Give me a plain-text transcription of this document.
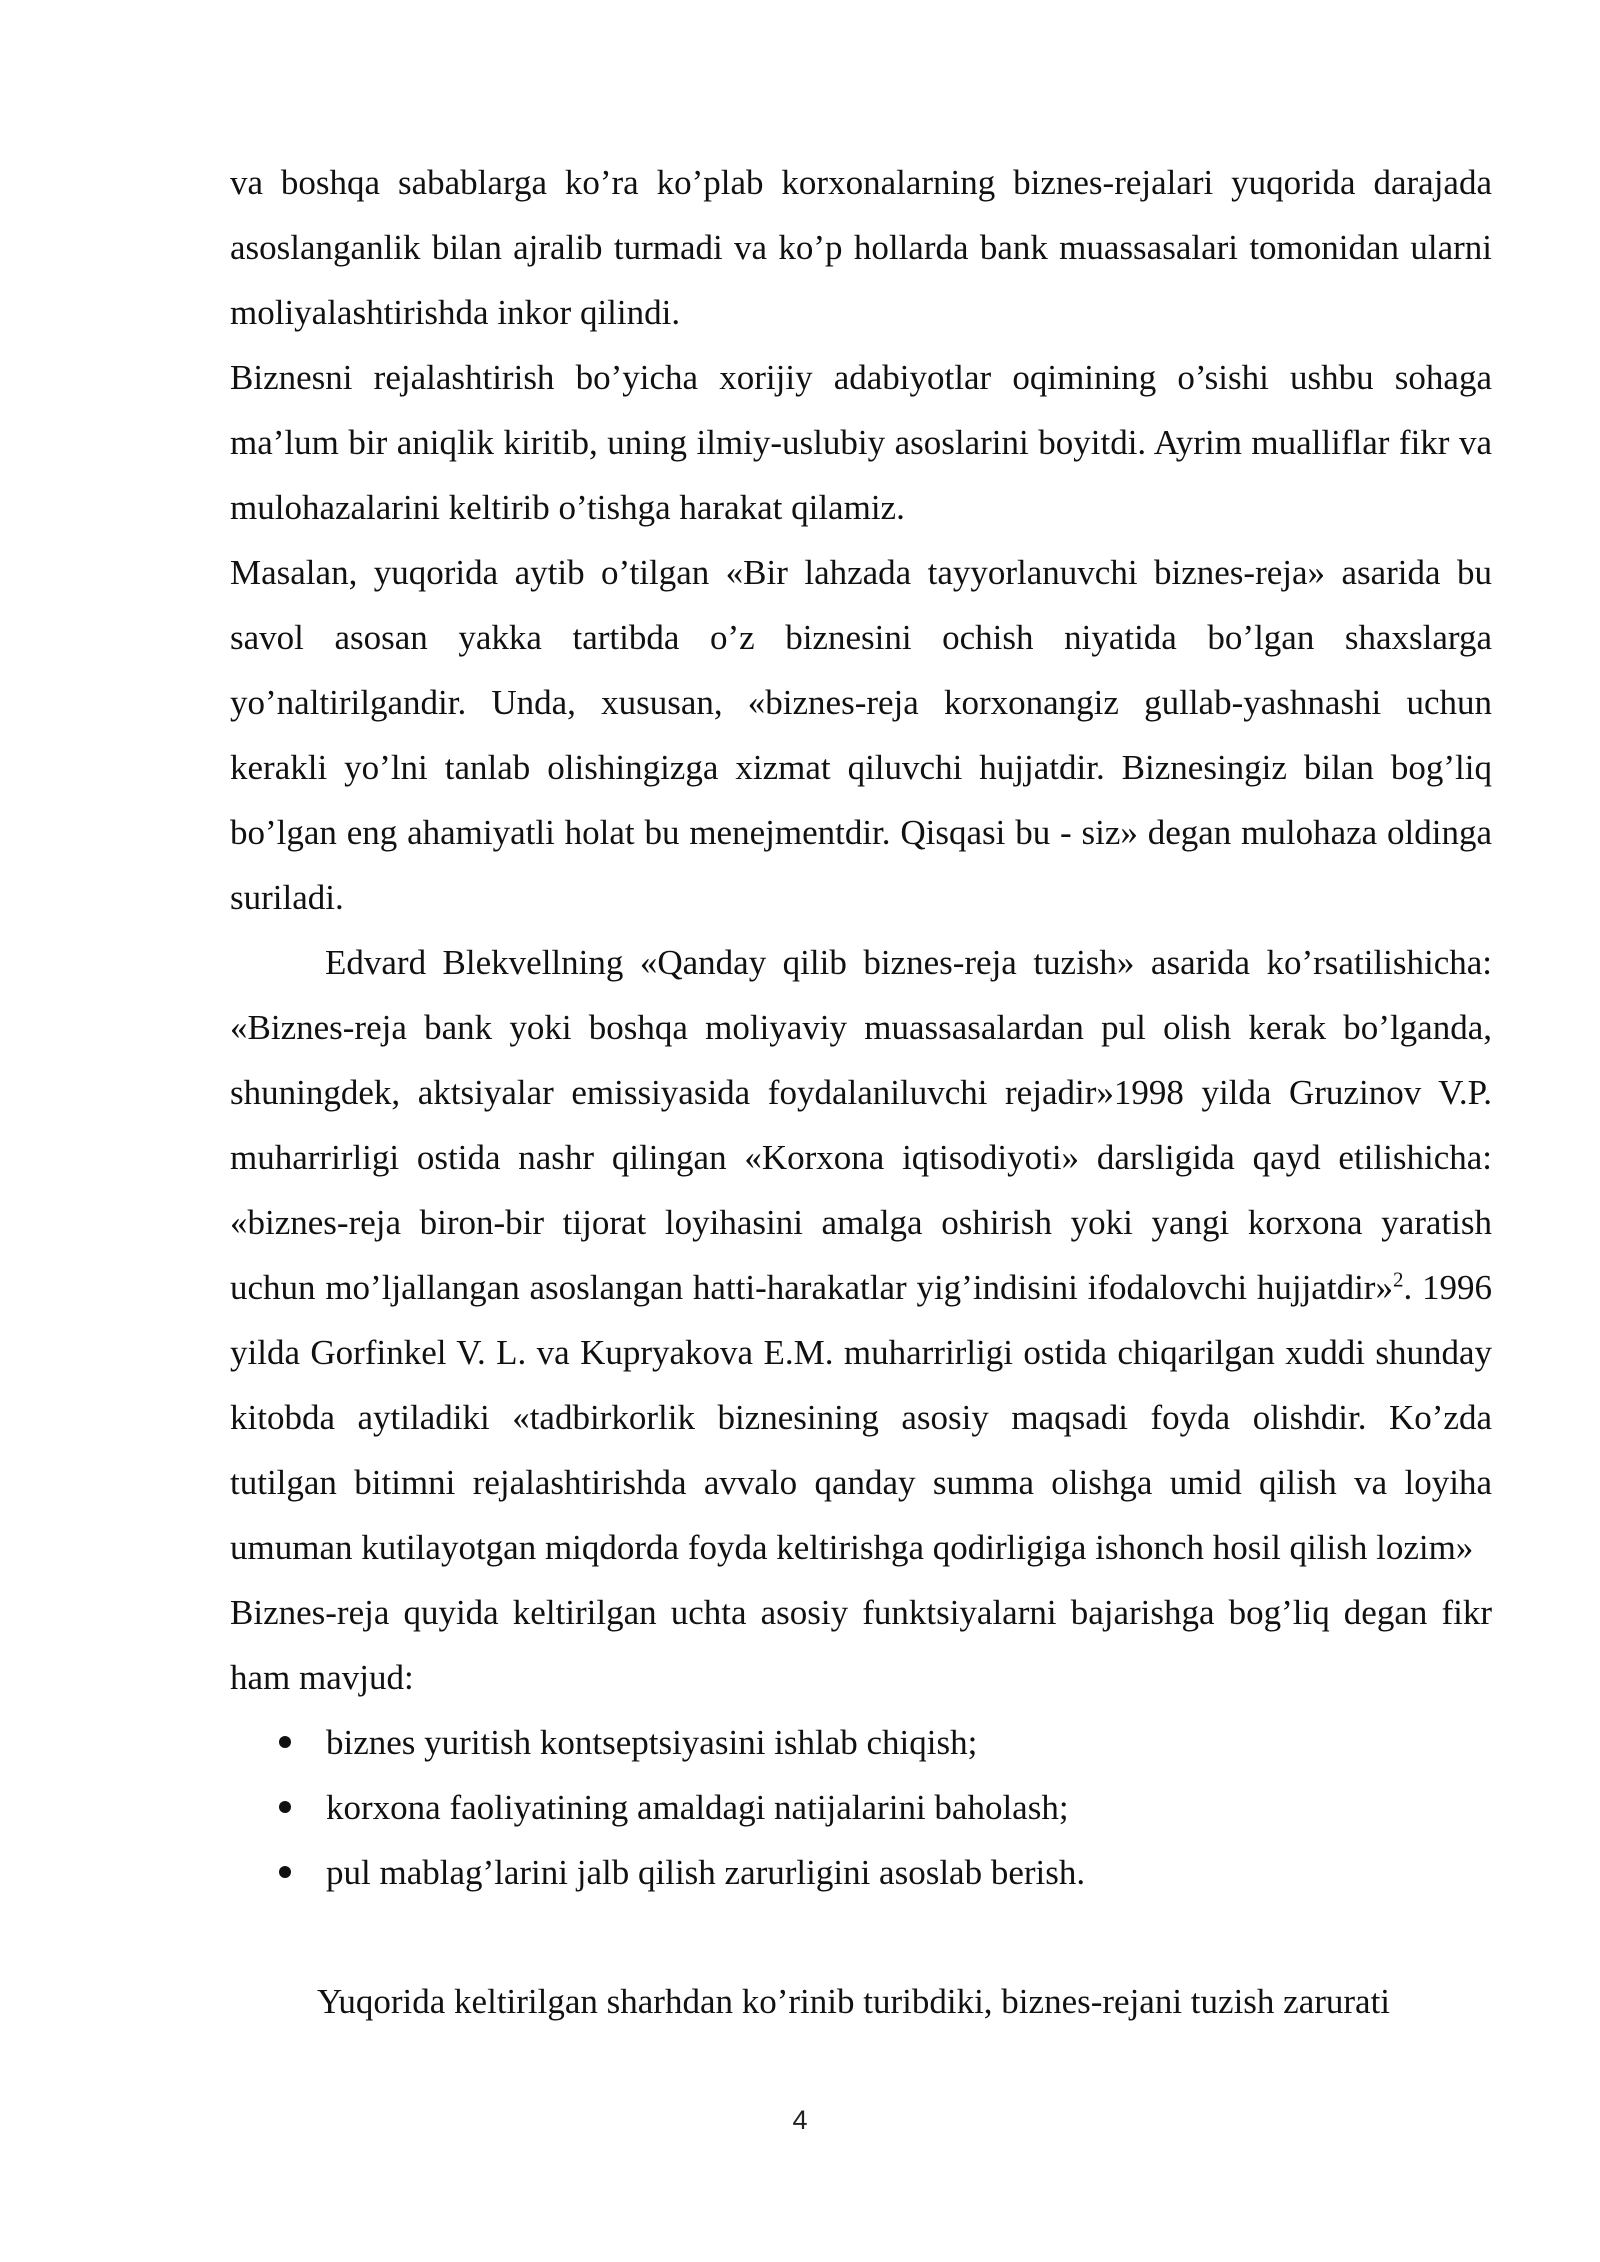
va boshqa sabablarga ko’ra ko’plab korxonalarning biznes-rejalari yuqorida darajada asoslanganlik bilan ajralib turmadi va ko’p hollarda bank muassasalari tomonidan ularni moliyalashtirishda inkor qilindi.

Biznesni rejalashtirish bo’yicha xorijiy adabiyotlar oqimining o’sishi ushbu sohaga ma’lum bir aniqlik kiritib, uning ilmiy-uslubiy asoslarini boyitdi. Ayrim mualliflar fikr va mulohazalarini keltirib o’tishga harakat qilamiz.

Masalan, yuqorida aytib o’tilgan «Bir lahzada tayyorlanuvchi biznes-reja» asarida bu savol asosan yakka tartibda o’z biznesini ochish niyatida bo’lgan shaxslarga yo’naltirilgandir. Unda, xususan, «biznes-reja korxonangiz gullab-yashnashi uchun kerakli yo’lni tanlab olishingizga xizmat qiluvchi hujjatdir. Biznesingiz bilan bog’liq bo’lgan eng ahamiyatli holat bu menejmentdir. Qisqasi bu - siz» degan mulohaza oldinga suriladi.

Edvard Blekvellning «Qanday qilib biznes-reja tuzish» asarida ko’rsatilishicha: «Biznes-reja bank yoki boshqa moliyaviy muassasalardan pul olish kerak bo’lganda, shuningdek, aktsiyalar emissiyasida foydalaniluvchi rejadir»1998 yilda Gruzinov V.P. muharrirligi ostida nashr qilingan «Korxona iqtisodiyoti» darsligida qayd etilishicha: «biznes-reja biron-bir tijorat loyihasini amalga oshirish yoki yangi korxona yaratish uchun mo’ljallangan asoslangan hatti-harakatlar yig’indisini ifodalovchi hujjatdir»$^2$. 1996 yilda Gorfinkel V. L. va Kupryakova E.M. muharrirligi ostida chiqarilgan xuddi shunday kitobda aytiladiki «tadbirkorlik biznesining asosiy maqsadi foyda olishdir. Ko’zda tutilgan bitimni rejalashtirishda avvalo qanday summa olishga umid qilish va loyiha umuman kutilayotgan miqdorda foyda keltirishga qodirligiga ishonch hosil qilish lozim»

Biznes-reja quyida keltirilgan uchta asosiy funktsiyalarni bajarishga bog’liq degan fikr ham mavjud:

biznes yuritish kontseptsiyasini ishlab chiqish;
korxona faoliyatining amaldagi natijalarini baholash;
pul mablag’larini jalb qilish zarurligini asoslab berish.

Yuqorida keltirilgan sharhdan ko’rinib turibdiki, biznes-rejani tuzish zarurati

4
